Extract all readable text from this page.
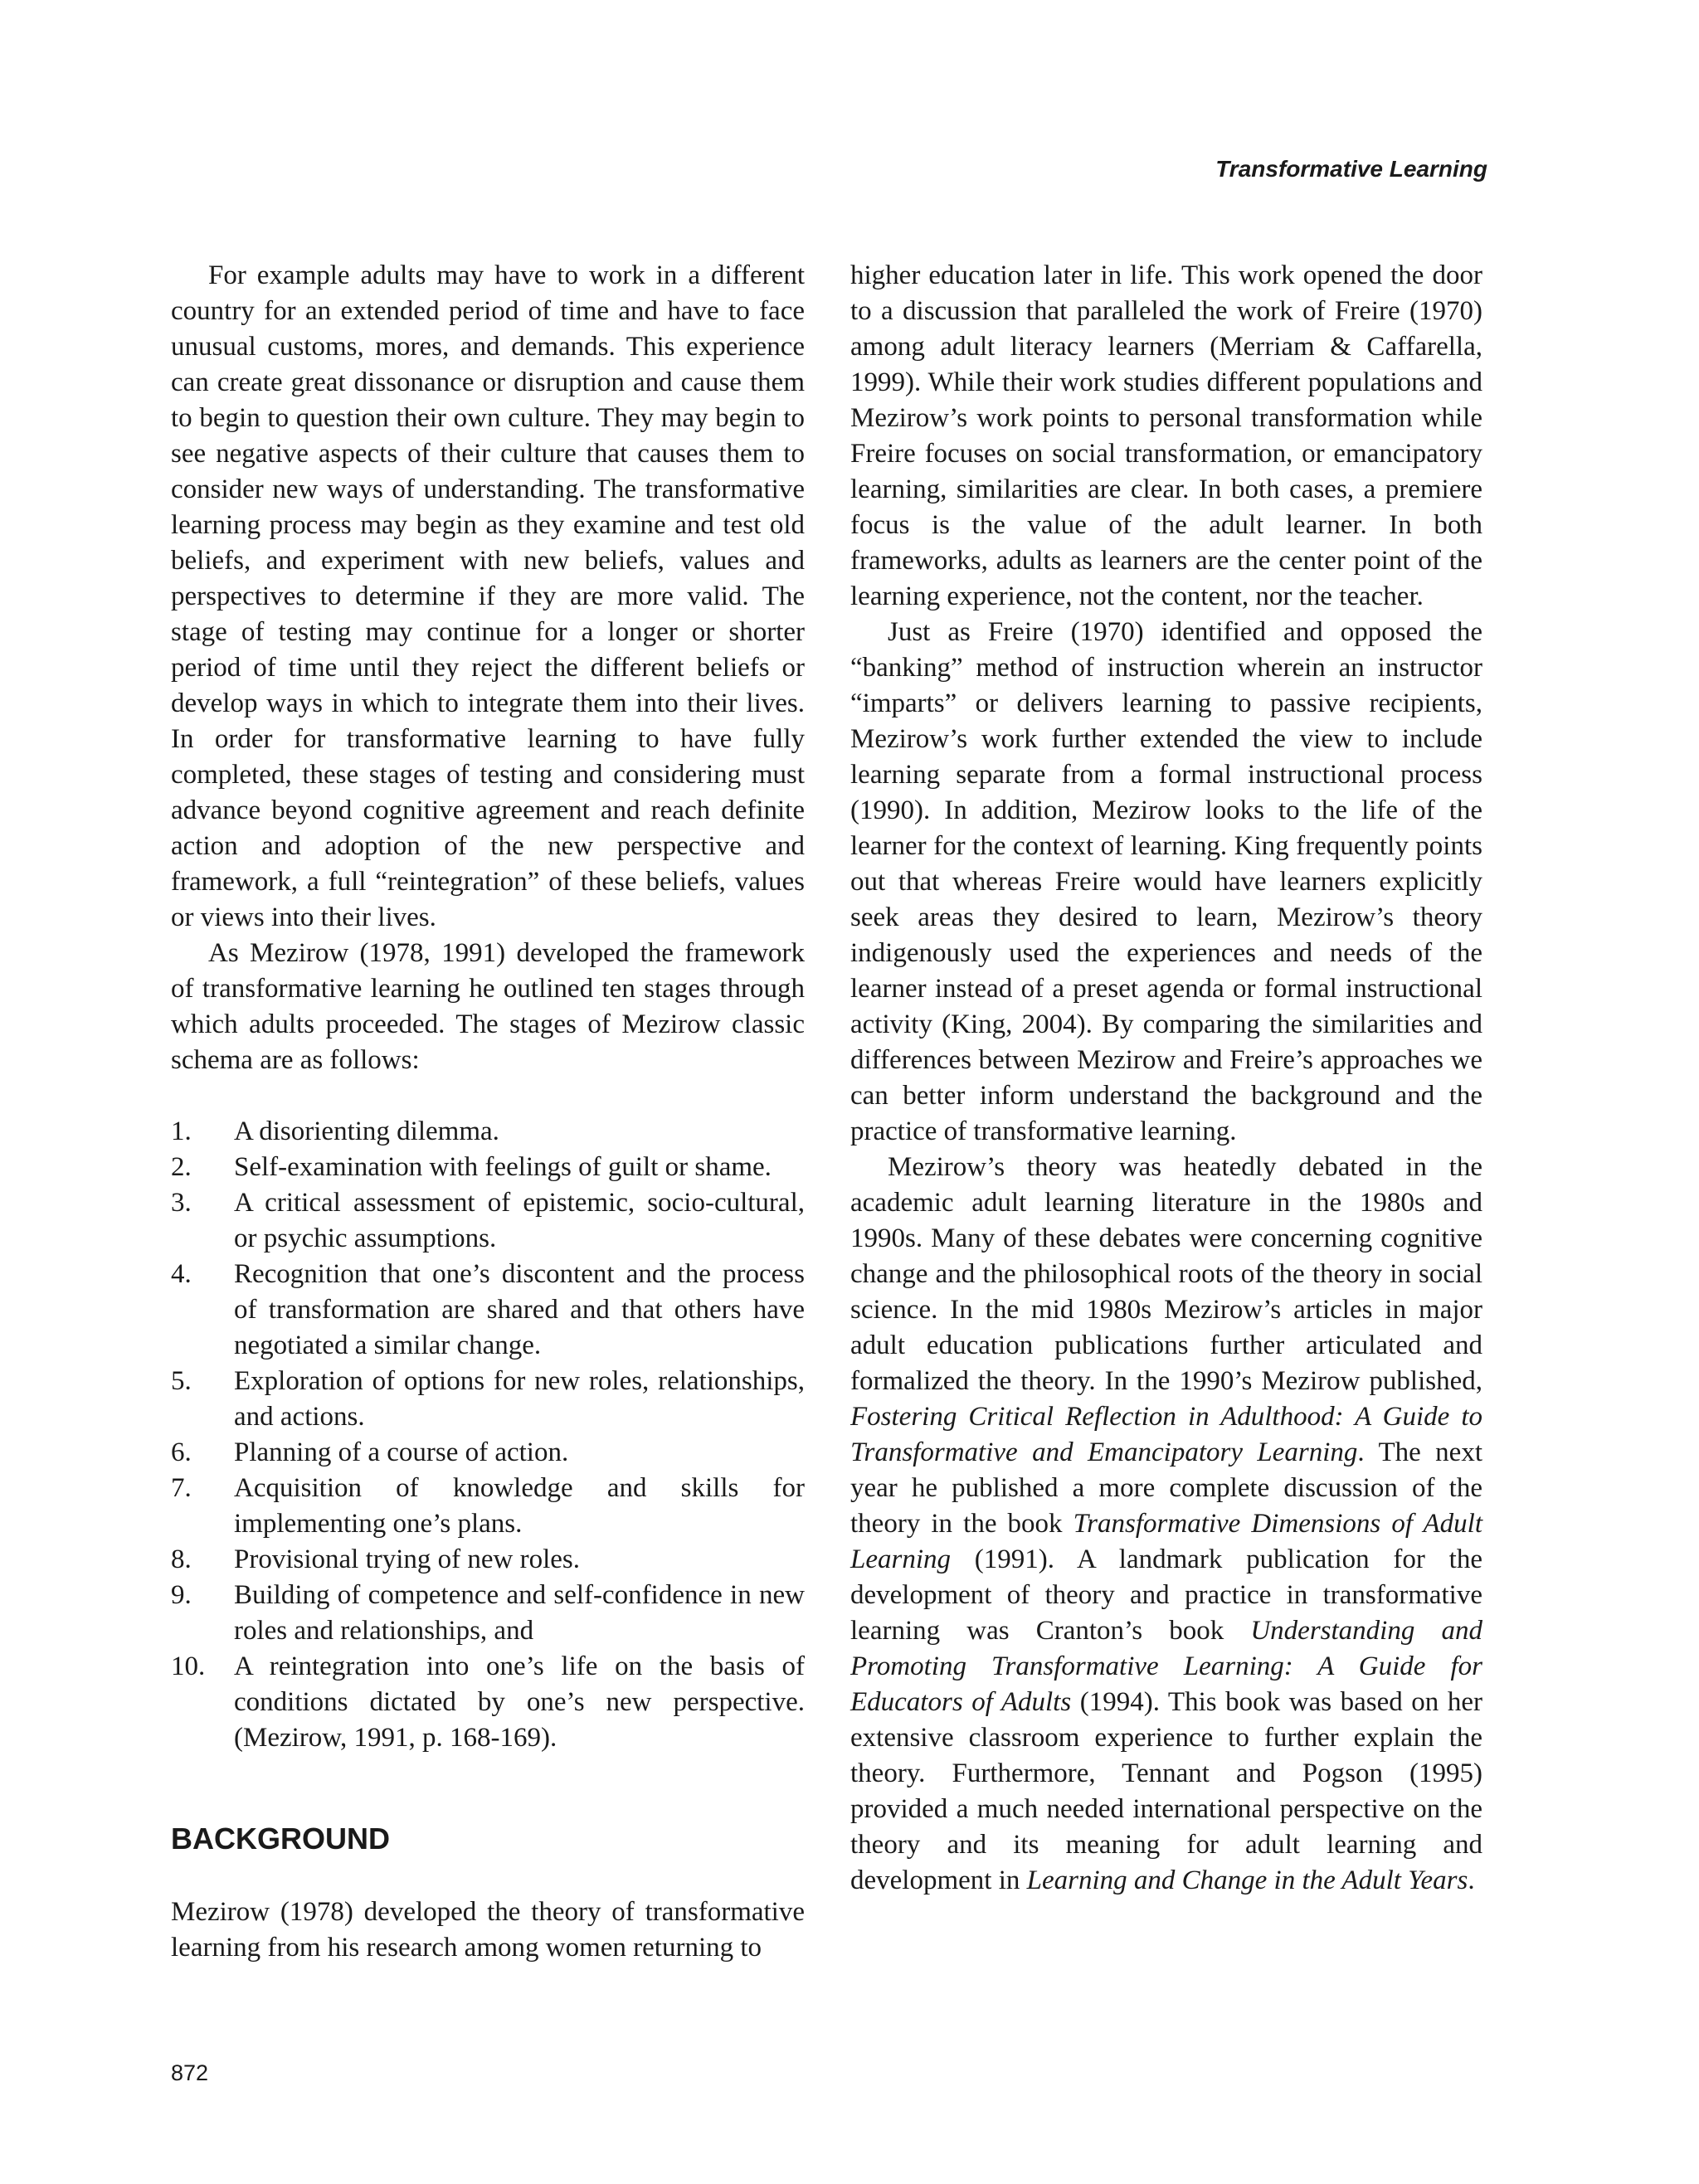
Transformative Learning

For example adults may have to work in a different country for an extended period of time and have to face unusual customs, mores, and demands. This experience can create great dissonance or disruption and cause them to begin to question their own culture. They may begin to see negative aspects of their culture that causes them to consider new ways of understanding. The transformative learning process may begin as they examine and test old beliefs, and experiment with new beliefs, values and perspectives to determine if they are more valid. The stage of testing may continue for a longer or shorter period of time until they reject the different beliefs or develop ways in which to integrate them into their lives. In order for transformative learning to have fully completed, these stages of testing and considering must advance beyond cognitive agreement and reach definite action and adoption of the new perspective and framework, a full “reintegration” of these beliefs, values or views into their lives.

As Mezirow (1978, 1991) developed the framework of transformative learning he outlined ten stages through which adults proceeded. The stages of Mezirow classic schema are as follows:

1. A disorienting dilemma.
2. Self-examination with feelings of guilt or shame.
3. A critical assessment of epistemic, socio-cultural, or psychic assumptions.
4. Recognition that one’s discontent and the process of transformation are shared and that others have negotiated a similar change.
5. Exploration of options for new roles, relationships, and actions.
6. Planning of a course of action.
7. Acquisition of knowledge and skills for implementing one’s plans.
8. Provisional trying of new roles.
9. Building of competence and self-confidence in new roles and relationships, and
10. A reintegration into one’s life on the basis of conditions dictated by one’s new perspective. (Mezirow, 1991, p. 168-169).
BACKGROUND

Mezirow (1978) developed the theory of transformative learning from his research among women returning to

higher education later in life. This work opened the door to a discussion that paralleled the work of Freire (1970) among adult literacy learners (Merriam & Caffarella, 1999). While their work studies different populations and Mezirow’s work points to personal transformation while Freire focuses on social transformation, or emancipatory learning, similarities are clear. In both cases, a premiere focus is the value of the adult learner. In both frameworks, adults as learners are the center point of the learning experience, not the content, nor the teacher.

Just as Freire (1970) identified and opposed the “banking” method of instruction wherein an instructor “imparts” or delivers learning to passive recipients, Mezirow’s work further extended the view to include learning separate from a formal instructional process (1990). In addition, Mezirow looks to the life of the learner for the context of learning. King frequently points out that whereas Freire would have learners explicitly seek areas they desired to learn, Mezirow’s theory indigenously used the experiences and needs of the learner instead of a preset agenda or formal instructional activity (King, 2004). By comparing the similarities and differences between Mezirow and Freire’s approaches we can better inform understand the background and the practice of transformative learning.

Mezirow’s theory was heatedly debated in the academic adult learning literature in the 1980s and 1990s. Many of these debates were concerning cognitive change and the philosophical roots of the theory in social science. In the mid 1980s Mezirow’s articles in major adult education publications further articulated and formalized the theory. In the 1990’s Mezirow published, Fostering Critical Reflection in Adulthood: A Guide to Transformative and Emancipatory Learning. The next year he published a more complete discussion of the theory in the book Transformative Dimensions of Adult Learning (1991). A landmark publication for the development of theory and practice in transformative learning was Cranton’s book Understanding and Promoting Transformative Learning: A Guide for Educators of Adults (1994). This book was based on her extensive classroom experience to further explain the theory. Furthermore, Tennant and Pogson (1995) provided a much needed international perspective on the theory and its meaning for adult learning and development in Learning and Change in the Adult Years.

872
